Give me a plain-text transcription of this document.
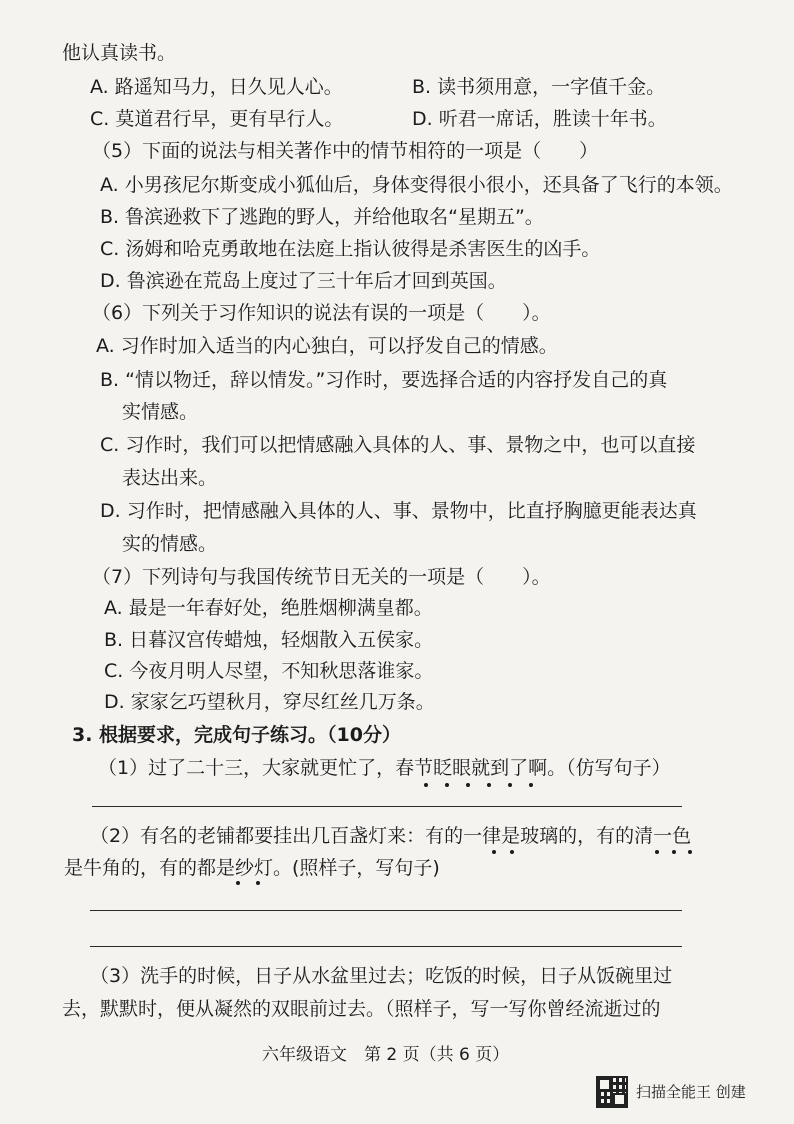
他认真读书。
A. 路遥知马力，日久见人心。	B. 读书须用意，一字值千金。
C. 莫道君行早，更有早行人。	D. 听君一席话，胜读十年书。
（5）下面的说法与相关著作中的情节相符的一项是（　　）
A. 小男孩尼尔斯变成小狐仙后，身体变得很小很小，还具备了飞行的本领。
B. 鲁滨逊救下了逃跑的野人，并给他取名“星期五”。
C. 汤姆和哈克勇敢地在法庭上指认彼得是杀害医生的凶手。
D. 鲁滨逊在荒岛上度过了三十年后才回到英国。
（6）下列关于习作知识的说法有误的一项是（　　）。
A. 习作时加入适当的内心独白，可以抒发自己的情感。
B. “情以物迁，辞以情发。”习作时，要选择合适的内容抒发自己的真
实情感。
C. 习作时，我们可以把情感融入具体的人、事、景物之中，也可以直接
表达出来。
D. 习作时，把情感融入具体的人、事、景物中，比直抒胸臆更能表达真
实的情感。
（7）下列诗句与我国传统节日无关的一项是（　　）。
A. 最是一年春好处，绝胜烟柳满皇都。
B. 日暮汉宫传蜡烛，轻烟散入五侯家。
C. 今夜月明人尽望，不知秋思落谁家。
D. 家家乞巧望秋月，穿尽红丝几万条。
3. 根据要求，完成句子练习。（10分）
（1）过了二十三，大家就更忙了，春节眨眼就到了啊。（仿写句子）
（2）有名的老铺都要挂出几百盏灯来：有的一律是玻璃的，有的清一色
是牛角的，有的都是纱灯。(照样子，写句子)
（3）洗手的时候，日子从水盆里过去；吃饭的时候，日子从饭碗里过
去，默默时，便从凝然的双眼前过去。（照样子，写一写你曾经流逝过的
六年级语文　第 2 页（共 6 页）
扫描全能王 创建
